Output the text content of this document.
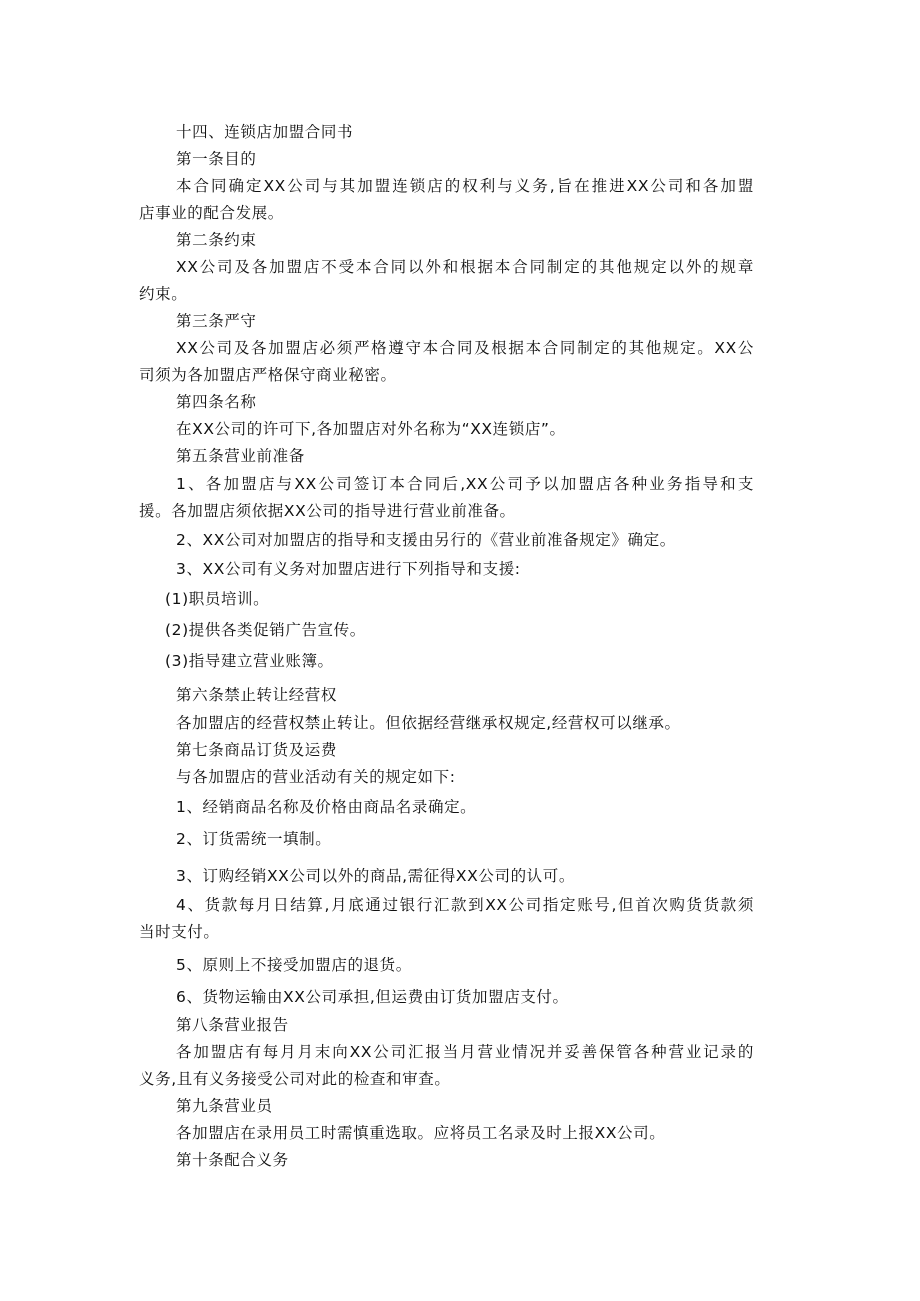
十四、连锁店加盟合同书
第一条目的
本合同确定XX公司与其加盟连锁店的权利与义务,旨在推进XX公司和各加盟
店事业的配合发展。
第二条约束
XX公司及各加盟店不受本合同以外和根据本合同制定的其他规定以外的规章
约束。
第三条严守
XX公司及各加盟店必须严格遵守本合同及根据本合同制定的其他规定。XX公
司须为各加盟店严格保守商业秘密。
第四条名称
在XX公司的许可下,各加盟店对外名称为“XX连锁店”。
第五条营业前准备
1、各加盟店与XX公司签订本合同后,XX公司予以加盟店各种业务指导和支
援。各加盟店须依据XX公司的指导进行营业前准备。
2、XX公司对加盟店的指导和支援由另行的《营业前准备规定》确定。
3、XX公司有义务对加盟店进行下列指导和支援:
(1)职员培训。
(2)提供各类促销广告宣传。
(3)指导建立营业账簿。
第六条禁止转让经营权
各加盟店的经营权禁止转让。但依据经营继承权规定,经营权可以继承。
第七条商品订货及运费
与各加盟店的营业活动有关的规定如下:
1、经销商品名称及价格由商品名录确定。
2、订货需统一填制。
3、订购经销XX公司以外的商品,需征得XX公司的认可。
4、货款每月日结算,月底通过银行汇款到XX公司指定账号,但首次购货货款须
当时支付。
5、原则上不接受加盟店的退货。
6、货物运输由XX公司承担,但运费由订货加盟店支付。
第八条营业报告
各加盟店有每月月末向XX公司汇报当月营业情况并妥善保管各种营业记录的
义务,且有义务接受公司对此的检查和审查。
第九条营业员
各加盟店在录用员工时需慎重选取。应将员工名录及时上报XX公司。
第十条配合义务
